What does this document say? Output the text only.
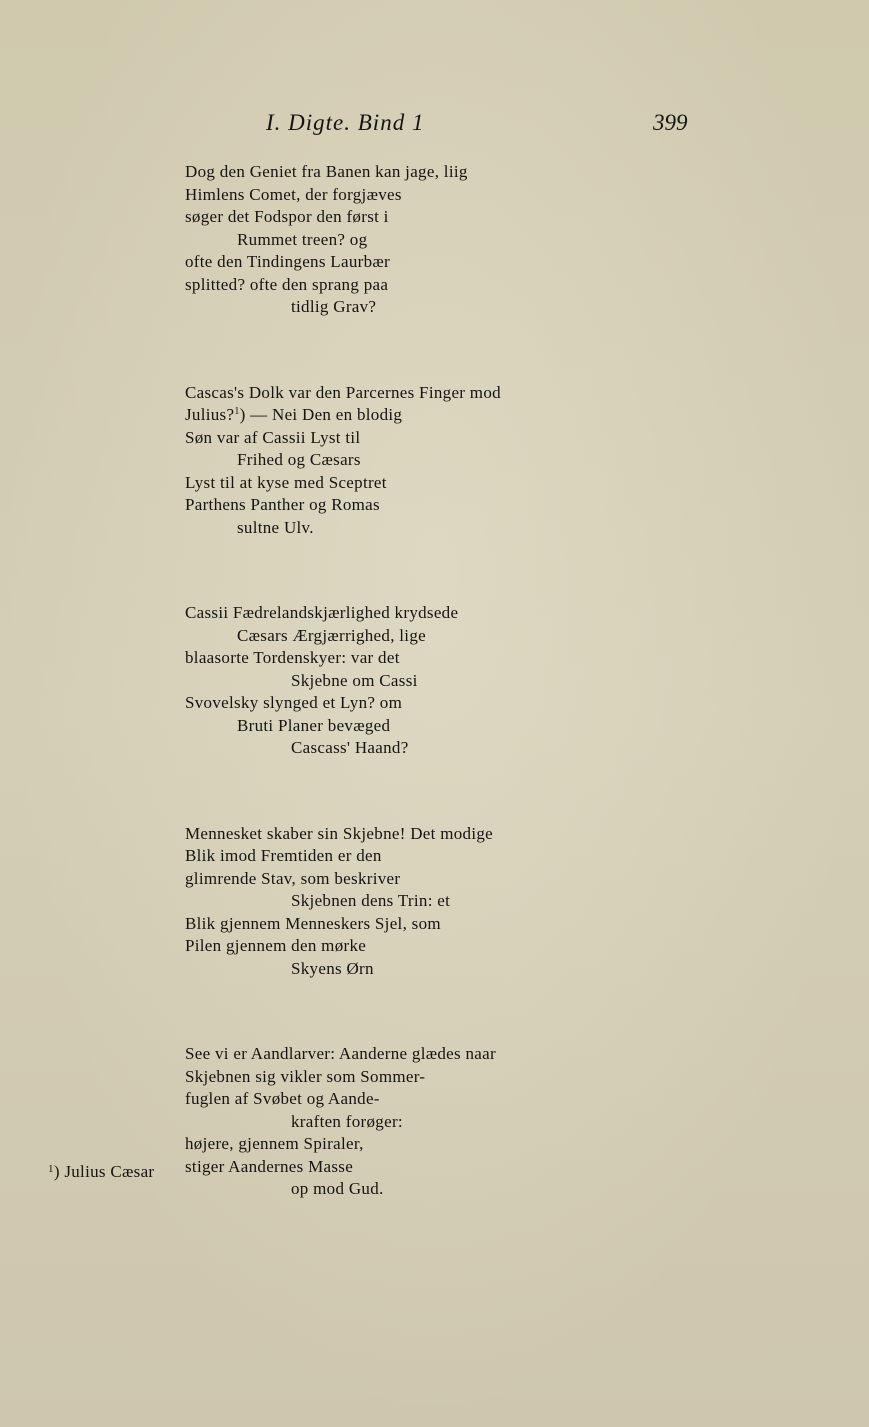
I. Digte. Bind 1	399
Dog den Geniet fra Banen kan jage, liig
Himlens Comet, der forgjæves
søger det Fodspor den først i
Rummet treen? og
ofte den Tindingens Laurbær
splitted? ofte den sprang paa
tidlig Grav?
Cascas's Dolk var den Parcernes Finger mod
Julius?$^1$) — Nei Den en blodig
Søn var af Cassii Lyst til
Frihed og Cæsars
Lyst til at kyse med Sceptret
Parthens Panther og Romas
sultne Ulv.
Cassii Fædrelandskjærlighed krydsede
Cæsars Ærgjærrighed, lige
blaasorte Tordenskyer: var det
Skjebne om Cassi
Svovelsky slynged et Lyn? om
Bruti Planer bevæged
Cascass' Haand?
Mennesket skaber sin Skjebne! Det modige
Blik imod Fremtiden er den
glimrende Stav, som beskriver
Skjebnen dens Trin: et
Blik gjennem Menneskers Sjel, som
Pilen gjennem den mørke
Skyens Ørn
See vi er Aandlarver: Aanderne glædes naar
Skjebnen sig vikler som Sommer-
fuglen af Svøbet og Aande-
kraften forøger:
højere, gjennem Spiraler,
stiger Aandernes Masse
op mod Gud.
$^1$) Julius Cæsar
